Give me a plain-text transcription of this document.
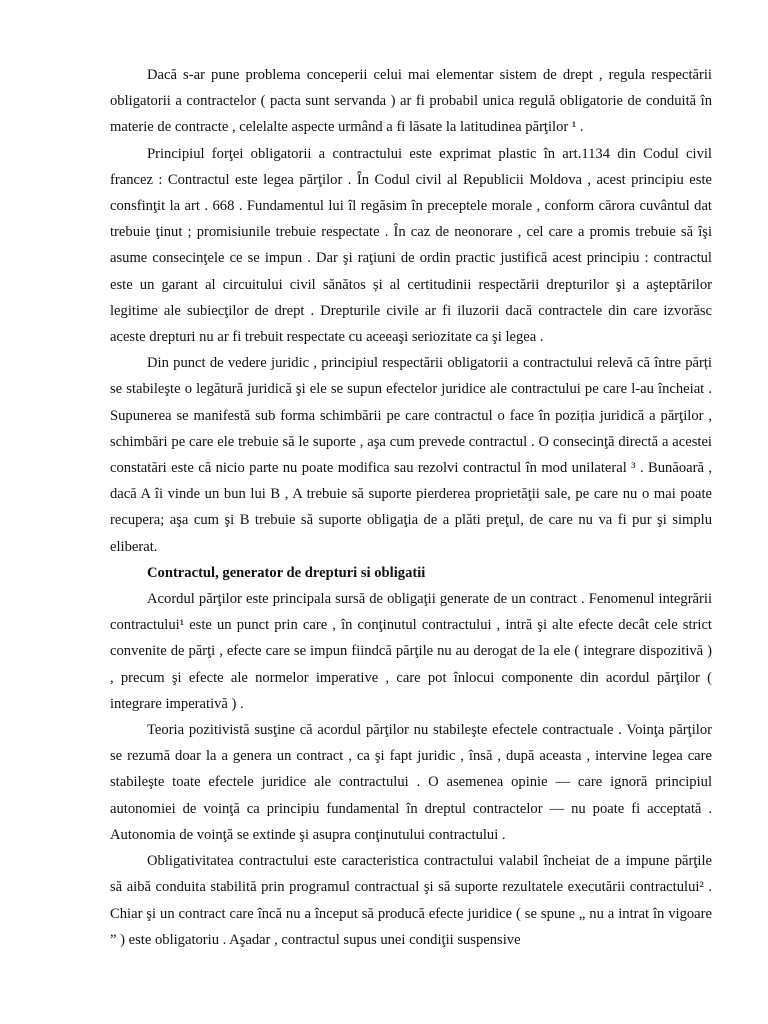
Dacă s-ar pune problema conceperii celui mai elementar sistem de drept , regula respectării obligatorii a contractelor ( pacta sunt servanda ) ar fi probabil unica regulă obligatorie de conduită în materie de contracte , celelalte aspecte urmând a fi lăsate la latitudinea părţilor ¹ .

Principiul forţei obligatorii a contractului este exprimat plastic în art.1134 din Codul civil francez : Contractul este legea părţilor . În Codul civil al Republicii Moldova , acest principiu este consfinţit la art . 668 . Fundamentul lui îl regăsim în preceptele morale , conform cărora cuvântul dat trebuie ţinut ; promisiunile trebuie respectate . În caz de neonorare , cel care a promis trebuie să îşi asume consecinţele ce se impun . Dar şi raţiuni de ordin practic justifică acest principiu : contractul este un garant al circuitului civil sănătos și al certitudinii respectării drepturilor şi a aşteptărilor legitime ale subiecţilor de drept . Drepturile civile ar fi iluzorii dacă contractele din care izvorăsc aceste drepturi nu ar fi trebuit respectate cu aceeaşi seriozitate ca şi legea .

Din punct de vedere juridic , principiul respectării obligatorii a contractului relevă că între părți se stabileşte o legătură juridică şi ele se supun efectelor juridice ale contractului pe care l-au încheiat . Supunerea se manifestă sub forma schimbării pe care contractul o face în poziția juridică a părţilor , schimbări pe care ele trebuie să le suporte , aşa cum prevede contractul . O consecinţă directă a acestei constatări este că nicio parte nu poate modifica sau rezolvi contractul în mod unilateral ³ . Bunăoară , dacă A îi vinde un bun lui B , A trebuie să suporte pierderea proprietăţii sale, pe care nu o mai poate recupera; aşa cum şi B trebuie să suporte obligaţia de a plăti preţul, de care nu va fi pur şi simplu eliberat.

Contractul, generator de drepturi si obligatii

Acordul părţilor este principala sursă de obligaţii generate de un contract . Fenomenul integrării contractului¹ este un punct prin care , în conţinutul contractului , intră şi alte efecte decât cele strict convenite de părţi , efecte care se impun fiindcă părţile nu au derogat de la ele ( integrare dispozitivă ) , precum şi efecte ale normelor imperative , care pot înlocui componente din acordul părţilor ( integrare imperativă ) .

Teoria pozitivistă susţine că acordul părţilor nu stabileşte efectele contractuale . Voinţa părţilor se rezumă doar la a genera un contract , ca şi fapt juridic , însă , după aceasta , intervine legea care stabileşte toate efectele juridice ale contractului . O asemenea opinie — care ignoră principiul autonomiei de voinţă ca principiu fundamental în dreptul contractelor — nu poate fi acceptată . Autonomia de voinţă se extinde şi asupra conţinutului contractului .

Obligativitatea contractului este caracteristica contractului valabil încheiat de a impune părţile să aibă conduita stabilită prin programul contractual şi să suporte rezultatele executării contractului² . Chiar şi un contract care încă nu a început să producă efecte juridice ( se spune „ nu a intrat în vigoare ” ) este obligatoriu . Aşadar , contractul supus unei condiţii suspensive
